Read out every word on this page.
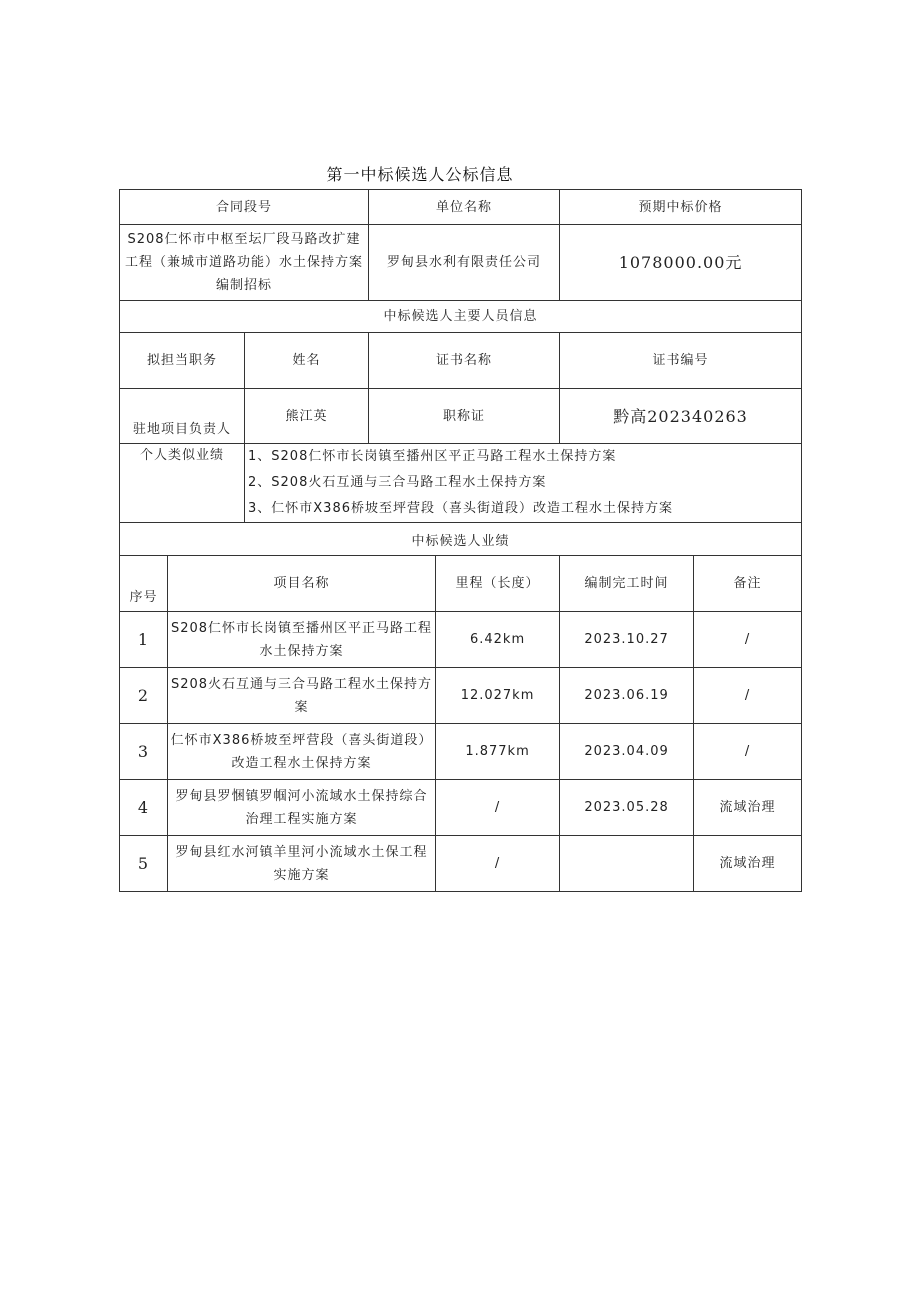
第一中标候选人公标信息
合同段号			单位名称		预期中标价格	
S208仁怀市中枢至坛厂段马路改扩建工程（兼城市道路功能）水土保持方案编制招标			罗甸县水利有限责任公司		1078000.00元	
中标候选人主要人员信息						
拟担当职务		姓名	证书名称		证书编号	
驻地项目负责人		熊江英	职称证		黔高202340263	
个人类似业绩		1、S208仁怀市长岗镇至播州区平正马路工程水土保持方案
2、S208火石互通与三合马路工程水土保持方案
3、仁怀市X386桥坡至坪营段（喜头街道段）改造工程水土保持方案				

中标候选人业绩						
序号	项目名称			里程（长度）	编制完工时间	备注
1	S208仁怀市长岗镇至播州区平正马路工程水土保持方案			6.42km	2023.10.27	/
2	S208火石互通与三合马路工程水土保持方案			12.027km	2023.06.19	/
3	仁怀市X386桥坡至坪营段（喜头街道段）改造工程水土保持方案			1.877km	2023.04.09	/
4	罗甸县罗悃镇罗帼河小流域水土保持综合治理工程实施方案			/	2023.05.28	流域治理
5	罗甸县红水河镇羊里河小流域水土保工程实施方案			/		流域治理
